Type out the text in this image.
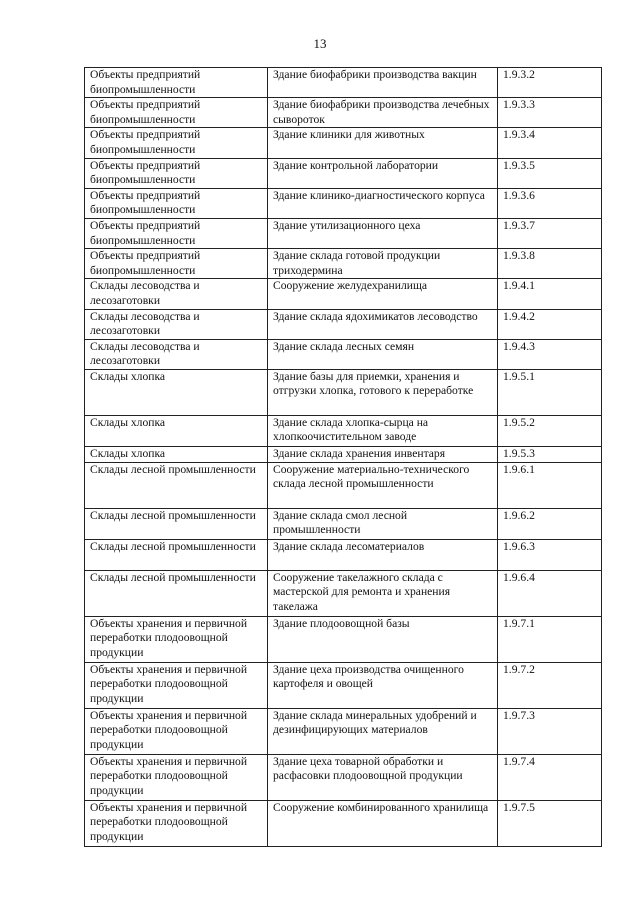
13
Объекты предприятий биопромышленности	Здание биофабрики производства вакцин	1.9.3.2
Объекты предприятий биопромышленности	Здание биофабрики производства лечебных сывороток	1.9.3.3
Объекты предприятий биопромышленности	Здание клиники для животных	1.9.3.4
Объекты предприятий биопромышленности	Здание контрольной лаборатории	1.9.3.5
Объекты предприятий биопромышленности	Здание клинико-диагностического корпуса	1.9.3.6
Объекты предприятий биопромышленности	Здание утилизационного цеха	1.9.3.7
Объекты предприятий биопромышленности	Здание склада готовой продукции триходермина	1.9.3.8
Склады лесоводства и лесозаготовки	Сооружение желудехранилища	1.9.4.1
Склады лесоводства и лесозаготовки	Здание склада ядохимикатов лесоводство	1.9.4.2
Склады лесоводства и лесозаготовки	Здание склада лесных семян	1.9.4.3
Склады хлопка	Здание базы для приемки, хранения и отгрузки хлопка, готового к переработке	1.9.5.1
Склады хлопка	Здание склада хлопка-сырца на хлопкоочистительном заводе	1.9.5.2
Склады хлопка	Здание склада хранения инвентаря	1.9.5.3
Склады лесной промышленности	Сооружение материально-технического склада лесной промышленности	1.9.6.1
Склады лесной промышленности	Здание склада смол лесной промышленности	1.9.6.2
Склады лесной промышленности	Здание склада лесоматериалов	1.9.6.3
Склады лесной промышленности	Сооружение такелажного склада с мастерской для ремонта и хранения такелажа	1.9.6.4
Объекты хранения и первичной переработки плодоовощной продукции	Здание плодоовощной базы	1.9.7.1
Объекты хранения и первичной переработки плодоовощной продукции	Здание цеха производства очищенного картофеля и овощей	1.9.7.2
Объекты хранения и первичной переработки плодоовощной продукции	Здание склада минеральных удобрений и дезинфицирующих материалов	1.9.7.3
Объекты хранения и первичной переработки плодоовощной продукции	Здание цеха товарной обработки и расфасовки плодоовощной продукции	1.9.7.4
Объекты хранения и первичной переработки плодоовощной продукции	Сооружение комбинированного хранилища	1.9.7.5
